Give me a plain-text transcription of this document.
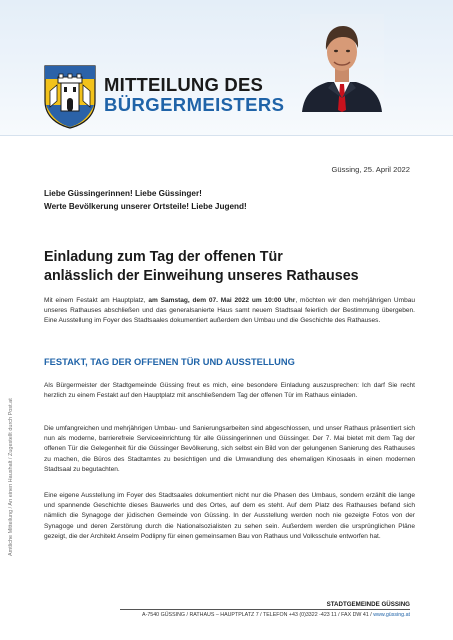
MITTEILUNG DES
BÜRGERMEISTERS
Amtliche Mitteilung / An einen Haushalt / Zugestellt durch Post.at
Güssing, 25. April 2022
Liebe Güssingerinnen! Liebe Güssinger!
Werte Bevölkerung unserer Ortsteile! Liebe Jugend!
Einladung zum Tag der offenen Tür
anlässlich der Einweihung unseres Rathauses
Mit einem Festakt am Hauptplatz, am Samstag, dem 07. Mai 2022 um 10:00 Uhr, möchten wir den mehrjährigen Umbau unseres Rathauses abschließen und das generalsanierte Haus samt neuem Stadtsaal feierlich der Bestimmung übergeben. Eine Ausstellung im Foyer des Stadtsaales dokumentiert außerdem den Umbau und die Geschichte des Rathauses.
FESTAKT, TAG DER OFFENEN TÜR UND AUSSTELLUNG
Als Bürgermeister der Stadtgemeinde Güssing freut es mich, eine besondere Einladung auszusprechen: Ich darf Sie recht herzlich zu einem Festakt auf den Hauptplatz mit anschließendem Tag der offenen Tür im Rathaus einladen.
Die umfangreichen und mehrjährigen Umbau- und Sanierungsarbeiten sind abgeschlossen, und unser Rathaus präsentiert sich nun als moderne, barrierefreie Serviceeinrichtung für alle Güssingerinnen und Güssinger. Der 7. Mai bietet mit dem Tag der offenen Tür die Gelegenheit für die Güssinger Bevölkerung, sich selbst ein Bild von der gelungenen Sanierung des Rathauses zu machen, die Büros des Stadtamtes zu besichtigen und die Umwandlung des ehemaligen Kinosaals in einen modernen Stadtsaal zu begutachten.
Eine eigene Ausstellung im Foyer des Stadtsaales dokumentiert nicht nur die Phasen des Umbaus, sondern erzählt die lange und spannende Geschichte dieses Bauwerks und des Ortes, auf dem es steht. Auf dem Platz des Rathauses befand sich nämlich die Synagoge der jüdischen Gemeinde von Güssing. In der Ausstellung werden noch nie gezeigte Fotos von der Synagoge und deren Zerstörung durch die Nationalsozialisten zu sehen sein. Außerdem werden die ursprünglichen Pläne gezeigt, die der Architekt Anselm Podlipny für einen gemeinsamen Bau von Rathaus und Volksschule entworfen hat.
STADTGEMEINDE GÜSSING
A-7540 GÜSSING / RATHAUS – HAUPTPLATZ 7 / TELEFON +43 (0)3322 -423 11 / FAX DW 41 / www.güssing.at
